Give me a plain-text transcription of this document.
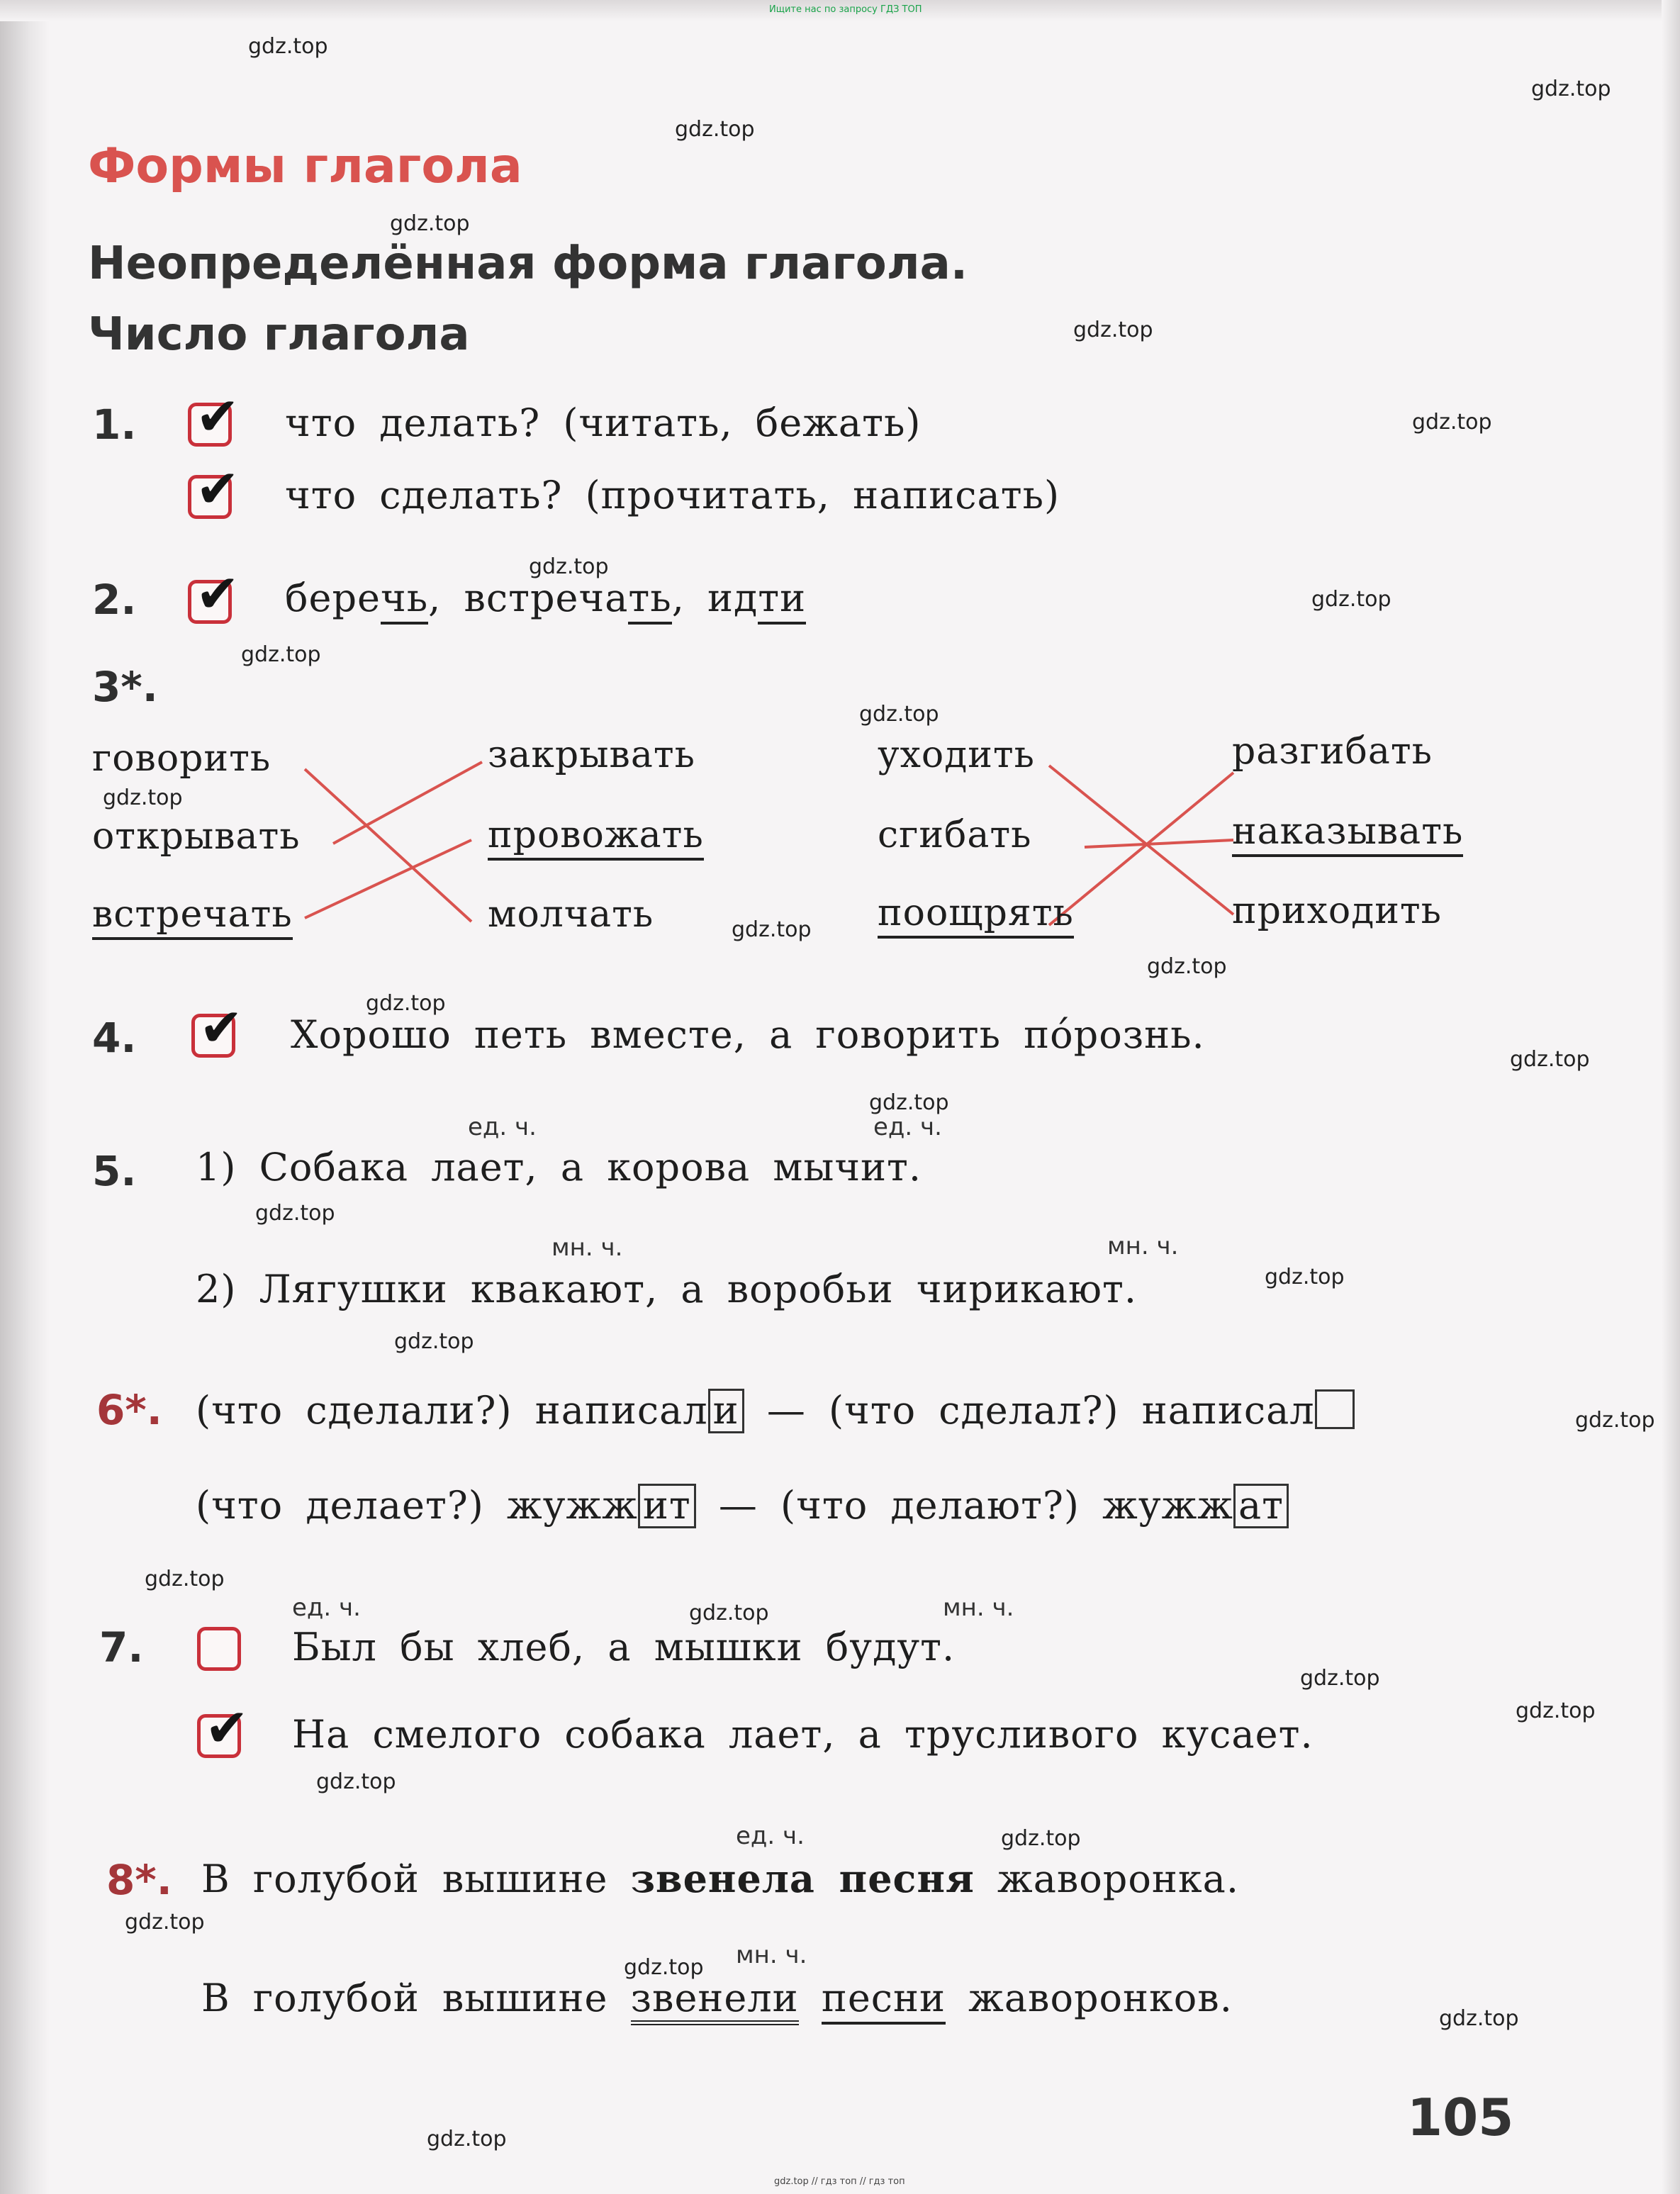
Ищите нас по запросу ГДЗ ТОП
Формы глагола
Неопределённая форма глагола.
Число глагола
1. ✔ что делать? (читать, бежать)
✔ что сделать? (прочитать, написать)
2. ✔ беречь, встречать, идти
3*.
говорить
открывать
встречать
закрывать
провожать
молчать
уходить
сгибать
поощрять
разгибать
наказывать
приходить
4. ✔ Хорошо петь вместе, а говорить по́рознь.
5.
ед. ч.	ед. ч.
1) Собака лает, а корова мычит.
мн. ч.	мн. ч.
2) Лягушки квакают, а воробьи чирикают.
6*. (что сделали?) написал и — (что сделал?) написал
(что делает?) жужж ит — (что делают?) жужж ат
7.
ед. ч.	мн. ч.
Был бы хлеб, а мышки будут.
✔ На смелого собака лает, а трусливого кусает.
8*.
ед. ч.
В голубой вышине звенела песня жаворонка.
мн. ч.
В голубой вышине звенели песни жаворонков.
105
gdz.top
gdz.top
gdz.top
gdz.top
gdz.top
gdz.top
gdz.top
gdz.top
gdz.top
gdz.top
gdz.top
gdz.top
gdz.top
gdz.top
gdz.top
gdz.top
gdz.top
gdz.top
gdz.top
gdz.top
gdz.top
gdz.top
gdz.top
gdz.top
gdz.top
gdz.top
gdz.top
gdz.top
gdz.top
gdz.top
gdz.top // гдз топ // гдз топ
